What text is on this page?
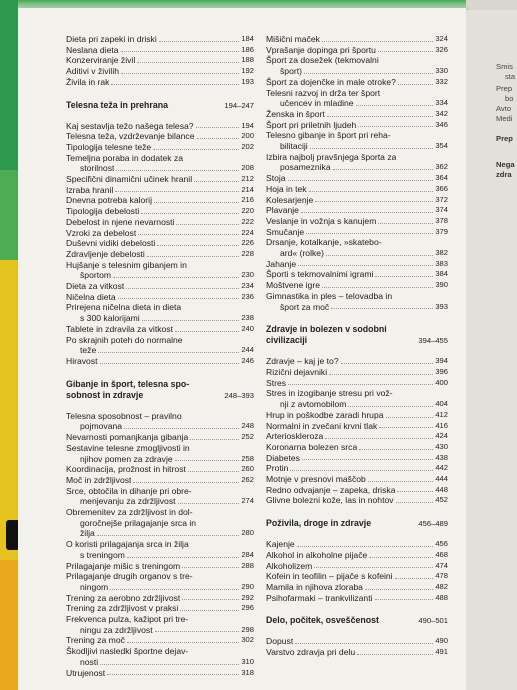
Dieta pri zapeki in driski	184
Neslana dieta	186
Konzerviranje živil	188
Aditivi v živilih	192
Živila in rak	193
Telesna teža in prehrana	194–247
Kaj sestavlja težo našega telesa?	194
Telesna teža, vzdrževanje bilance	200
Tipologija telesne teže	202
Temeljna poraba in dodatek za
storilnost	208
Specifični dinamični učinek hranil	212
Izraba hranil	214
Dnevna potreba kalorij	216
Tipologija debelosti	220
Debelost in njene nevarnosti	222
Vzroki za debelost	224
Duševni vidiki debelosti	226
Zdravljenje debelosti	228
Hujšanje s telesnim gibanjem in
športom	230
Dieta za vitkost	234
Ničelna dieta	236
Prirejena ničelna dieta in dieta
s 300 kalorijami	238
Tablete in zdravila za vitkost	240
Po skrajnih poteh do normalne
teže	244
Hiravost	246
Gibanje in šport, telesna spo-
sobnost in zdravje	248–393
Telesna sposobnost – pravilno
pojmovana	248
Nevarnosti pomanjkanja gibanja	252
Sestavine telesne zmogljivosti in
njihov pomen za zdravje	258
Koordinacija, prožnost in hitrost	260
Moč in zdržljivost	262
Srce, obtočila in dihanje pri obre-
menjevanju za zdržljivost	274
Obremenitev za zdržljivost in dol-
goročnejše prilagajanje srca in
žilja	280
O koristi prilagajanja srca in žilja
s treningom	284
Prilagajanje mišic s treningom	288
Prilagajanje drugih organov s tre-
ningom	290
Trening za aerobno zdržljivost	292
Trening za zdržljivost v praksi	296
Frekvenca pulza, kažipot pri tre-
ningu za zdržljivost	298
Trening za moč	302
Škodljivi nasledki športne dejav-
nosti	310
Utrujenost	318
Mišični maček	324
Vprašanje dopinga pri športu	326
Šport za dosežek (tekmovalni
šport)	330
Šport za dojenčke in male otroke?	332
Telesni razvoj in drža ter šport
učencev in mladine	334
Ženska in šport	342
Šport pri priletnih ljudeh	346
Telesno gibanje in šport pri reha-
bilitaciji	354
Izbira najbolj pravšnjega športa za
posameznika	362
Stoja	364
Hoja in tek	366
Kolesarjenje	372
Plavanje	374
Veslanje in vožnja s kanujem	378
Smučanje	379
Drsanje, kotalkanje, »skatebo-
ard« (rolke)	382
Jahanje	383
Športi s tekmovalnimi igrami	384
Moštvene igre	390
Gimnastika in ples – telovadba in
šport za moč	393
Zdravje in bolezen v sodobni
civilizaciji	394–455
Zdravje – kaj je to?	394
Rizični dejavniki	396
Stres	400
Stres in izogibanje stresu pri vož-
nji z avtomobilom	404
Hrup in poškodbe zaradi hrupa	412
Normalni in zvečani krvni tlak	416
Arterioskleroza	424
Koronarna bolezen srca	430
Diabetes	438
Protin	442
Motnje v presnovi maščob	444
Redno odvajanje – zapeka, driska	448
Glivne bolezni kože, las in nohtov	452
Poživila, droge in zdravje	456–489
Kajenje	456
Alkohol in alkoholne pijače	468
Alkoholizem	474
Kofein in teofilin – pijače s kofeini	478
Mamila in njihova zloraba	482
Psihofarmaki – trankvilizanti	488
Delo, počitek, osveščenost	490–501
Dopust	490
Varstvo zdravja pri delu	491
Smis
sta
Prep
bo
Avto
Medi
Prep
Nega
zdra
